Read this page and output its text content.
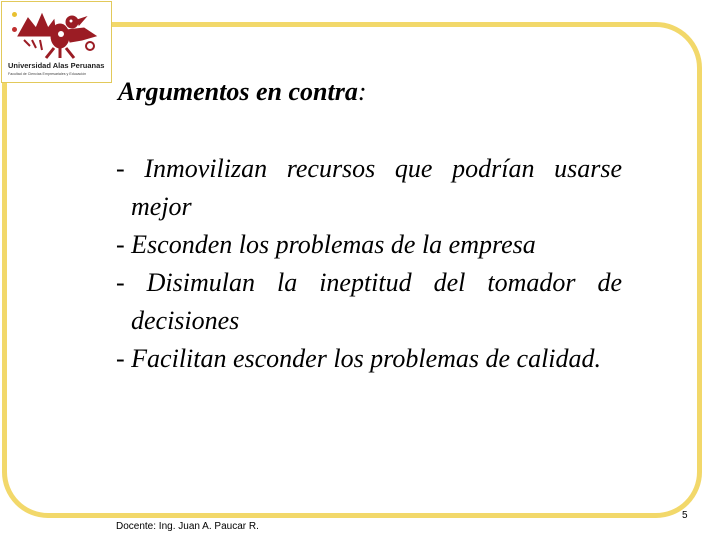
Universidad Alas Peruanas
Facultad de Ciencias Empresariales y Educación
Argumentos en contra:
- Inmovilizan recursos que podrían usarse mejor
- Esconden los problemas de la empresa
- Disimulan la ineptitud del tomador de decisiones
- Facilitan esconder los problemas de calidad.
Docente: Ing. Juan A. Paucar R.
5
